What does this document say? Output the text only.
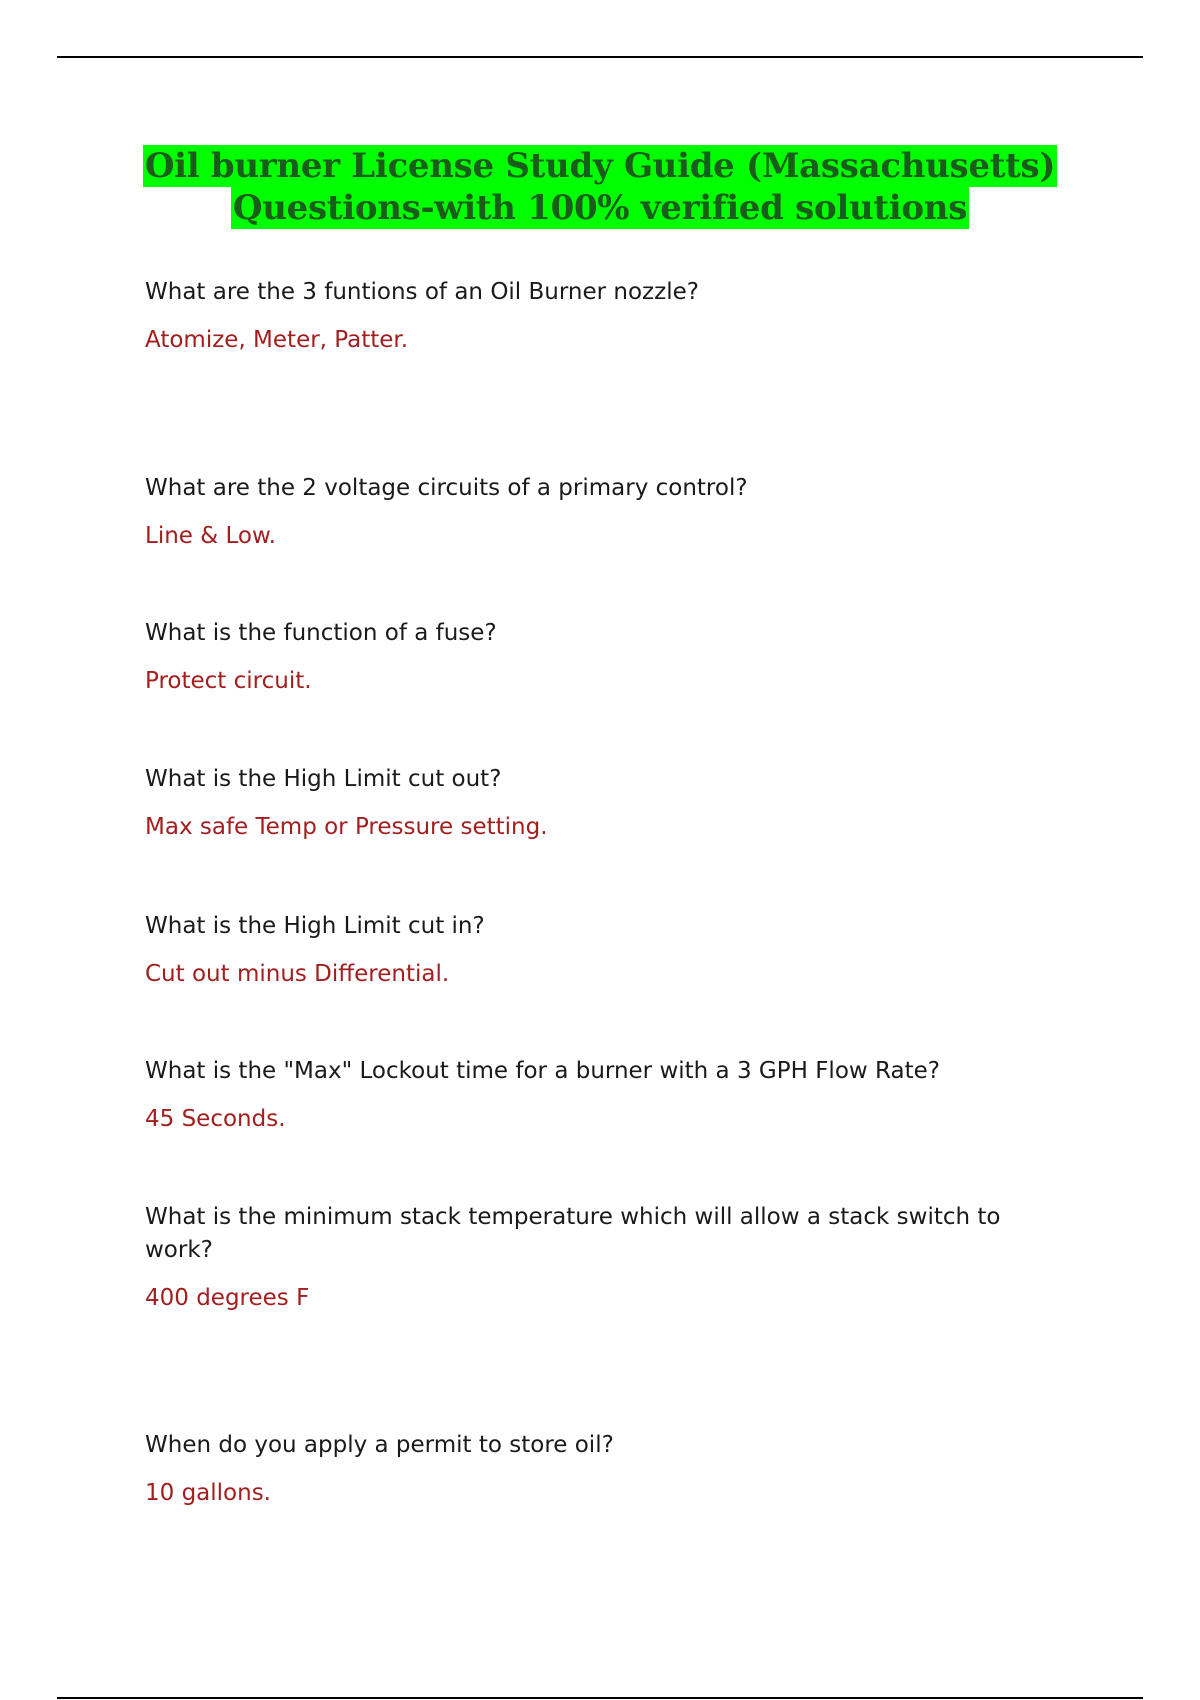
Oil burner License Study Guide (Massachusetts)
Questions-with 100% verified solutions
What are the 3 funtions of an Oil Burner nozzle?
Atomize, Meter, Patter.
What are the 2 voltage circuits of a primary control?
Line & Low.
What is the function of a fuse?
Protect circuit.
What is the High Limit cut out?
Max safe Temp or Pressure setting.
What is the High Limit cut in?
Cut out minus Differential.
What is the "Max" Lockout time for a burner with a 3 GPH Flow Rate?
45 Seconds.
What is the minimum stack temperature which will allow a stack switch to work?
400 degrees F
When do you apply a permit to store oil?
10 gallons.
